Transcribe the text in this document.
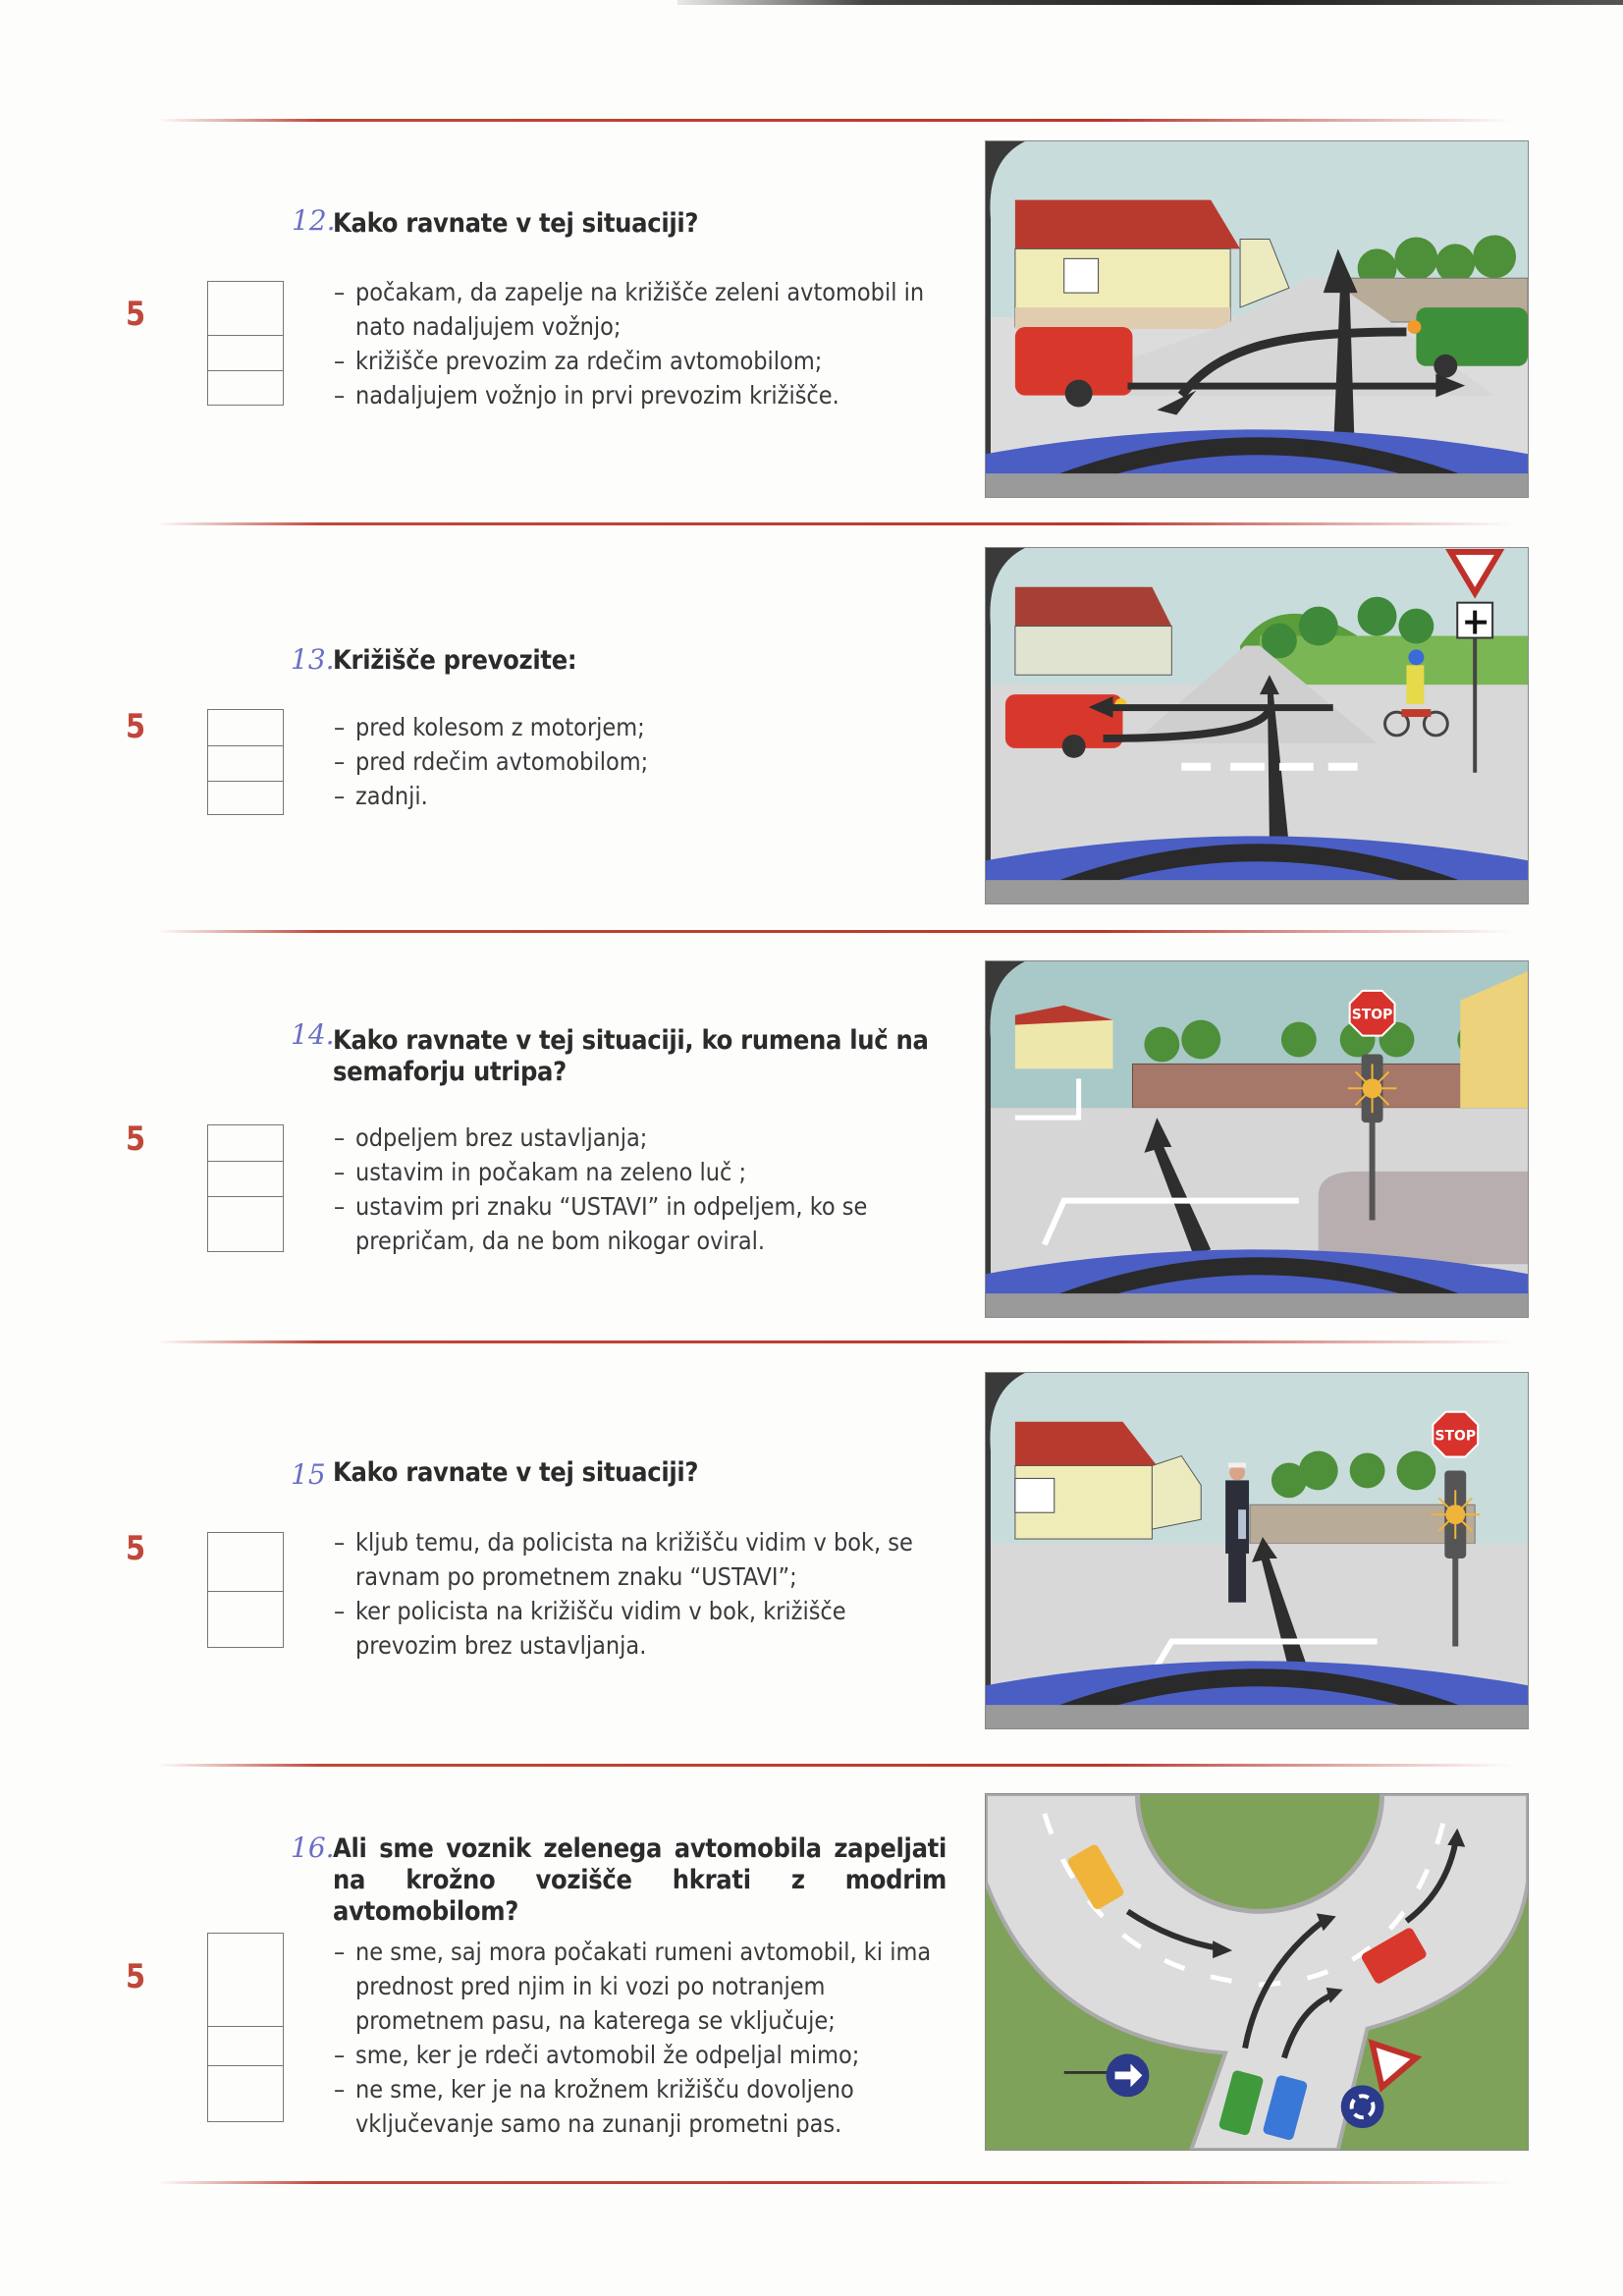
12.
Kako ravnate v tej situaciji?
5
– počakam, da zapelje na križišče zeleni avtomobil in nato nadaljujem vožnjo;
– križišče prevozim za rdečim avtomobilom;
– nadaljujem vožnjo in prvi prevozim križišče.
13.
Križišče prevozite:
5	– pred kolesom z motorjem;
– pred rdečim avtomobilom;
– zadnji.
14.
Kako ravnate v tej situaciji, ko rumena luč na semaforju utripa?
5	– odpeljem brez ustavljanja;
– ustavim in počakam na zeleno luč ;
– ustavim pri znaku “USTAVI” in odpeljem, ko se prepričam, da ne bom nikogar oviral.
STOP
15 Kako ravnate v tej situaciji?
5	– kljub temu, da policista na križišču vidim v bok, se ravnam po prometnem znaku “USTAVI”;
– ker policista na križišču vidim v bok, križišče prevozim brez ustavljanja.
STOP
16.
Ali sme voznik zelenega avtomobila zapeljati na krožno vozišče hkrati z modrim avtomobilom?
5
– ne sme, saj mora počakati rumeni avtomobil, ki ima prednost pred njim in ki vozi po notranjem prometnem pasu, na katerega se vključuje;
– sme, ker je rdeči avtomobil že odpeljal mimo;
– ne sme, ker je na krožnem križišču dovoljeno vključevanje samo na zunanji prometni pas.
